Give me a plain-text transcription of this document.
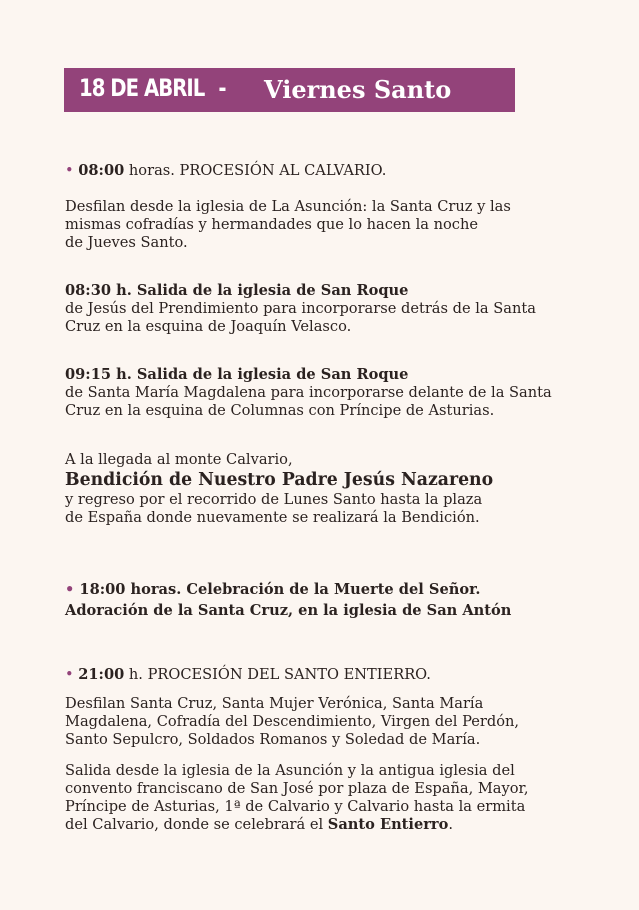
18 DE ABRIL - Viernes Santo
• 08:00 horas. PROCESIÓN AL CALVARIO.
Desfilan desde la iglesia de La Asunción: la Santa Cruz y las
mismas cofradías y hermandades que lo hacen la noche
de Jueves Santo.
08:30 h. Salida de la iglesia de San Roque
de Jesús del Prendimiento para incorporarse detrás de la Santa
Cruz en la esquina de Joaquín Velasco.
09:15 h. Salida de la iglesia de San Roque
de Santa María Magdalena para incorporarse delante de la Santa
Cruz en la esquina de Columnas con Príncipe de Asturias.
A la llegada al monte Calvario,
Bendición de Nuestro Padre Jesús Nazareno
y regreso por el recorrido de Lunes Santo hasta la plaza
de España donde nuevamente se realizará la Bendición.
• 18:00 horas. Celebración de la Muerte del Señor.
Adoración de la Santa Cruz, en la iglesia de San Antón
• 21:00 h. PROCESIÓN DEL SANTO ENTIERRO.
Desfilan Santa Cruz, Santa Mujer Verónica, Santa María
Magdalena, Cofradía del Descendimiento, Virgen del Perdón,
Santo Sepulcro, Soldados Romanos y Soledad de María.
Salida desde la iglesia de la Asunción y la antigua iglesia del
convento franciscano de San José por plaza de España, Mayor,
Príncipe de Asturias, 1ª de Calvario y Calvario hasta la ermita
del Calvario, donde se celebrará el Santo Entierro.
